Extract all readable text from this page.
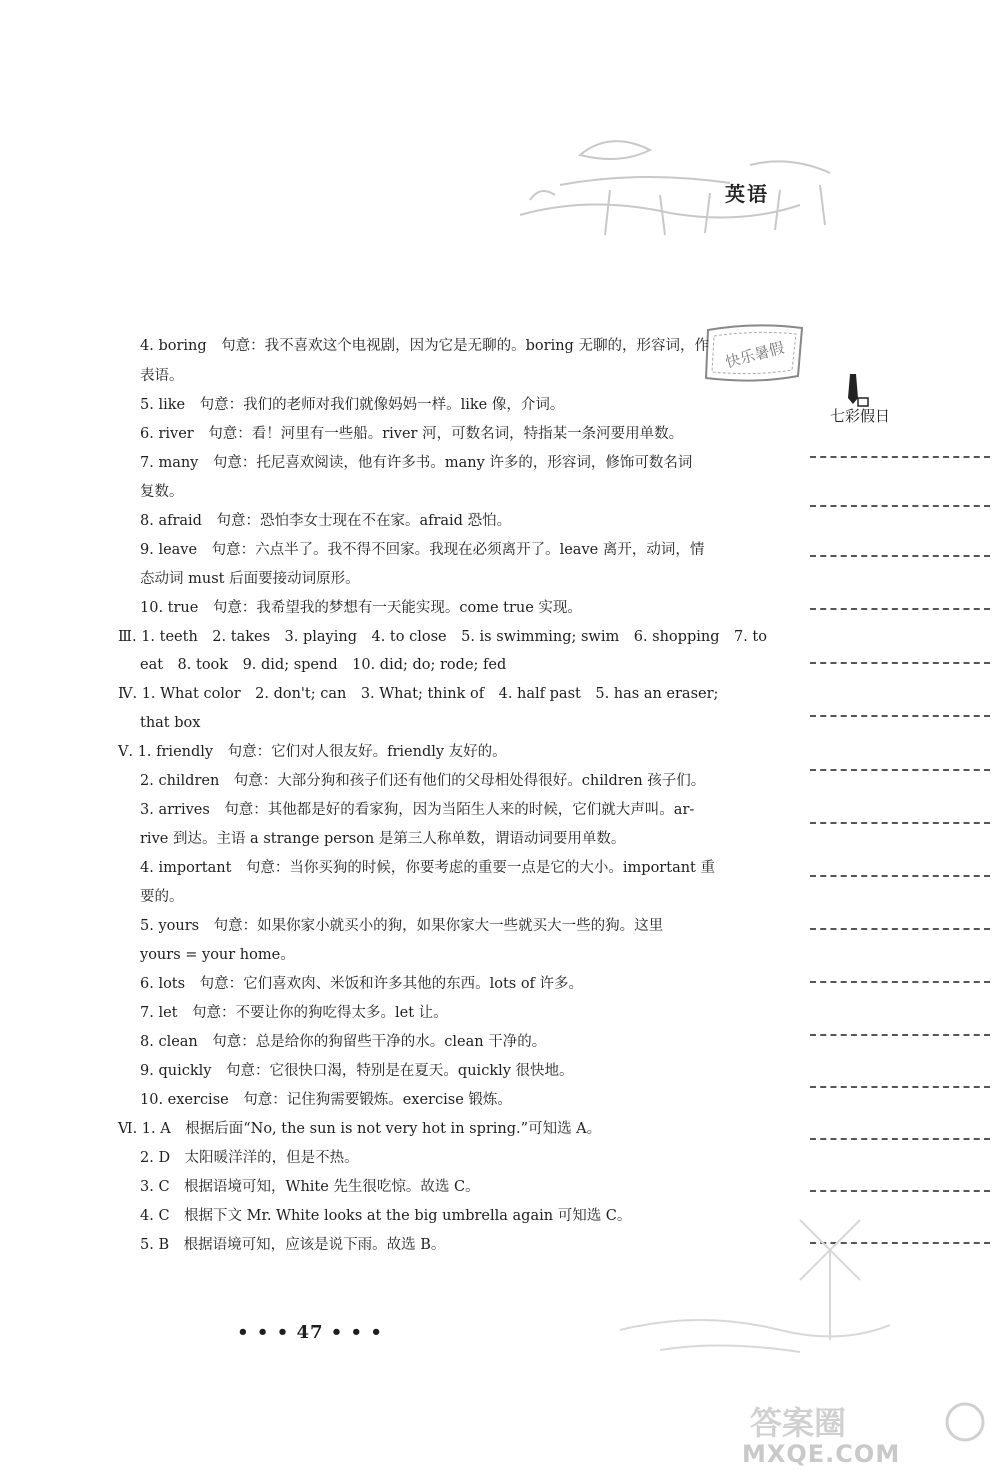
英语
快乐暑假
七彩假日
4. boring　句意：我不喜欢这个电视剧，因为它是无聊的。boring 无聊的，形容词，作
表语。
5. like　句意：我们的老师对我们就像妈妈一样。like 像，介词。
6. river　句意：看！河里有一些船。river 河，可数名词，特指某一条河要用单数。
7. many　句意：托尼喜欢阅读，他有许多书。many 许多的，形容词，修饰可数名词
复数。
8. afraid　句意：恐怕李女士现在不在家。afraid 恐怕。
9. leave　句意：六点半了。我不得不回家。我现在必须离开了。leave 离开，动词，情
态动词 must 后面要接动词原形。
10. true　句意：我希望我的梦想有一天能实现。come true 实现。
Ⅲ. 1. teeth　2. takes　3. playing　4. to close　5. is swimming; swim　6. shopping　7. to
eat　8. took　9. did; spend　10. did; do; rode; fed
Ⅳ. 1. What color　2. don't; can　3. What; think of　4. half past　5. has an eraser;
that box
Ⅴ. 1. friendly　句意：它们对人很友好。friendly 友好的。
2. children　句意：大部分狗和孩子们还有他们的父母相处得很好。children 孩子们。
3. arrives　句意：其他都是好的看家狗，因为当陌生人来的时候，它们就大声叫。ar-
rive 到达。主语 a strange person 是第三人称单数，谓语动词要用单数。
4. important　句意：当你买狗的时候，你要考虑的重要一点是它的大小。important 重
要的。
5. yours　句意：如果你家小就买小的狗，如果你家大一些就买大一些的狗。这里
yours = your home。
6. lots　句意：它们喜欢肉、米饭和许多其他的东西。lots of 许多。
7. let　句意：不要让你的狗吃得太多。let 让。
8. clean　句意：总是给你的狗留些干净的水。clean 干净的。
9. quickly　句意：它很快口渴，特别是在夏天。quickly 很快地。
10. exercise　句意：记住狗需要锻炼。exercise 锻炼。
Ⅵ. 1. A　根据后面“No, the sun is not very hot in spring.”可知选 A。
2. D　太阳暖洋洋的，但是不热。
3. C　根据语境可知，White 先生很吃惊。故选 C。
4. C　根据下文 Mr. White looks at the big umbrella again 可知选 C。
5. B　根据语境可知，应该是说下雨。故选 B。
• • • 47 • • •
答案圈
MXQE.COM
